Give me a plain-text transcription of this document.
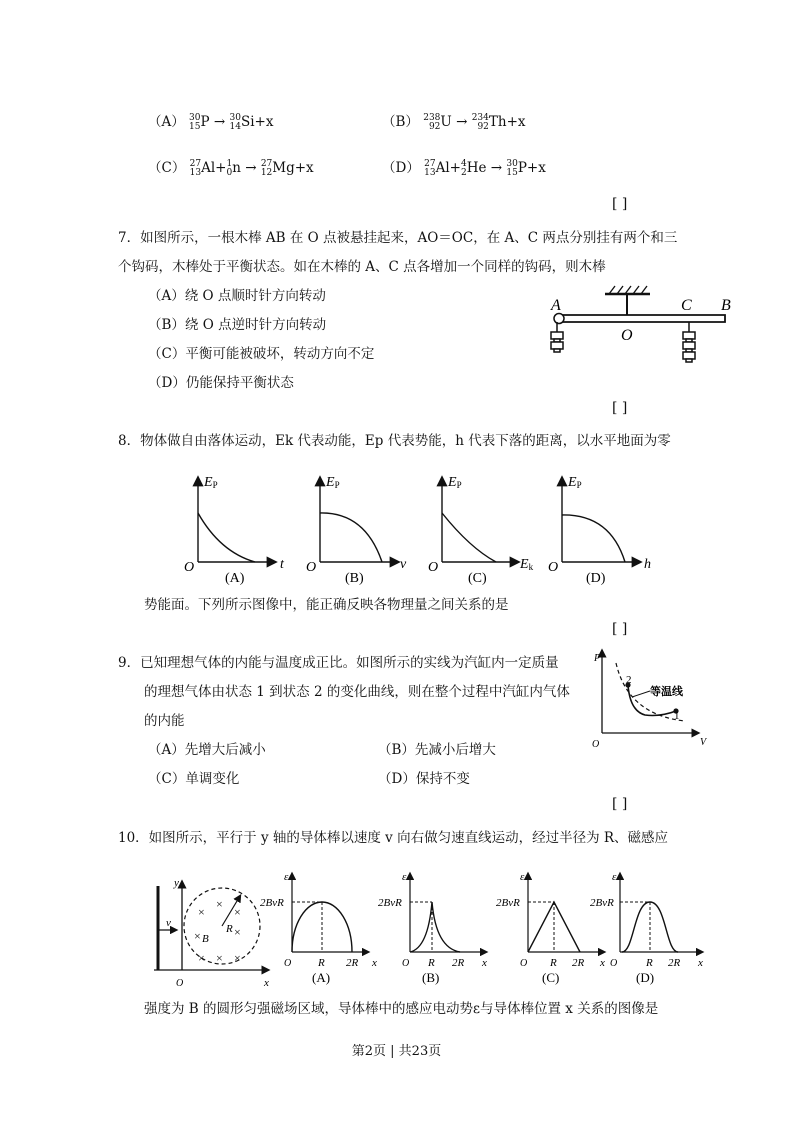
（A） 30
15P → 30
14Si+x	（B） 238
92U → 234
92Th+x
（C） 27
13Al+1
0n → 27
12Mg+x	（D） 27
13Al+4
2He → 30
15P+x
[ ]
7．如图所示，一根木棒 AB 在 O 点被悬挂起来，AO＝OC，在 A、C 两点分别挂有两个和三
个钩码，木棒处于平衡状态。如在木棒的 A、C 点各增加一个同样的钩码，则木棒
（A）绕 O 点顺时针方向转动
（B）绕 O 点逆时针方向转动
（C）平衡可能被破坏，转动方向不定
（D）仍能保持平衡状态
A	C B
O
[ ]
8．物体做自由落体运动，Ek 代表动能，Ep 代表势能，h 代表下落的距离，以水平地面为零
EP
O	t
(A)
EP
O	v
(B)
EP
O	Ek
(C)
EP
O	h
(D)
势能面。下列所示图像中，能正确反映各物理量之间关系的是
[ ]
9．已知理想气体的内能与温度成正比。如图所示的实线为汽缸内一定质量
的理想气体由状态 1 到状态 2 的变化曲线，则在整个过程中汽缸内气体
的内能
（A）先增大后减小	（B）先减小后增大
（C）单调变化	（D）保持不变
P
V
O
1
2
等温线
[ ]
10．如图所示，平行于 y 轴的导体棒以速度 v 向右做匀速直线运动，经过半径为 R、磁感应
×
×
×
×	×
× × ×
y
v
B
R
O	x
ε
2BvR
O R 2R x
(A)
ε
2BvR
O R 2R x
(B)
ε
2BvR
O R 2R x
(C)
ε
2BvR
O	R 2R x
(D)
强度为 B 的圆形匀强磁场区域，导体棒中的感应电动势ε与导体棒位置 x 关系的图像是
第2页 | 共23页
